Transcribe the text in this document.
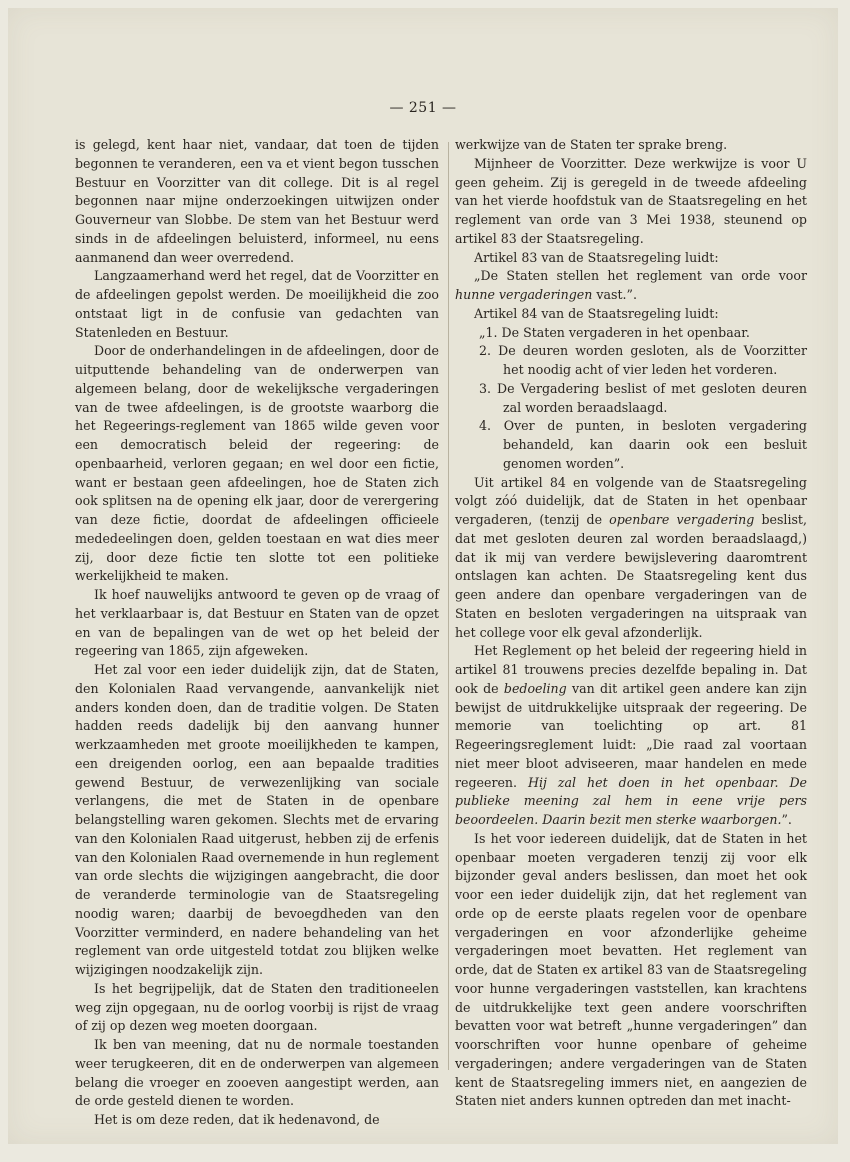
— 251 —

is gelegd, kent haar niet, vandaar, dat toen de tijden begonnen te veranderen, een va et vient begon tusschen Bestuur en Voorzitter van dit college. Dit is al regel begonnen naar mijne onderzoekingen uitwijzen onder Gouverneur van Slobbe. De stem van het Bestuur werd sinds in de afdeelingen beluisterd, informeel, nu eens aanmanend dan weer overredend.

Langzaamerhand werd het regel, dat de Voorzitter en de afdeelingen gepolst werden. De moeilijkheid die zoo ontstaat ligt in de confusie van gedachten van Statenleden en Bestuur.

Door de onderhandelingen in de afdeelingen, door de uitputtende behandeling van de onderwerpen van algemeen belang, door de wekelijksche vergaderingen van de twee afdeelingen, is de grootste waarborg die het Regeerings-reglement van 1865 wilde geven voor een democratisch beleid der regeering: de openbaarheid, verloren gegaan; en wel door een fictie, want er bestaan geen afdeelingen, hoe de Staten zich ook splitsen na de opening elk jaar, door de verergering van deze fictie, doordat de afdeelingen officieele mededeelingen doen, gelden toestaan en wat dies meer zij, door deze fictie ten slotte tot een politieke werkelijkheid te maken.

Ik hoef nauwelijks antwoord te geven op de vraag of het verklaarbaar is, dat Bestuur en Staten van de opzet en van de bepalingen van de wet op het beleid der regeering van 1865, zijn afgeweken.

Het zal voor een ieder duidelijk zijn, dat de Staten, den Kolonialen Raad vervangende, aanvankelijk niet anders konden doen, dan de traditie volgen. De Staten hadden reeds dadelijk bij den aanvang hunner werkzaamheden met groote moeilijkheden te kampen, een dreigenden oorlog, een aan bepaalde tradities gewend Bestuur, de verwezenlijking van sociale verlangens, die met de Staten in de openbare belangstelling waren gekomen. Slechts met de ervaring van den Kolonialen Raad uitgerust, hebben zij de erfenis van den Kolonialen Raad overnemende in hun reglement van orde slechts die wijzigingen aangebracht, die door de veranderde terminologie van de Staatsregeling noodig waren; daarbij de bevoegdheden van den Voorzitter verminderd, en nadere behandeling van het reglement van orde uitgesteld totdat zou blijken welke wijzigingen noodzakelijk zijn.

Is het begrijpelijk, dat de Staten den traditioneelen weg zijn opgegaan, nu de oorlog voorbij is rijst de vraag of zij op dezen weg moeten doorgaan.

Ik ben van meening, dat nu de normale toestanden weer terugkeeren, dit en de onderwerpen van algemeen belang die vroeger en zooeven aangestipt werden, aan de orde gesteld dienen te worden.

Het is om deze reden, dat ik hedenavond, de

werkwijze van de Staten ter sprake breng.

Mijnheer de Voorzitter. Deze werkwijze is voor U geen geheim. Zij is geregeld in de tweede afdeeling van het vierde hoofdstuk van de Staatsregeling en het reglement van orde van 3 Mei 1938, steunend op artikel 83 der Staatsregeling.

Artikel 83 van de Staatsregeling luidt:

„De Staten stellen het reglement van orde voor hunne vergaderingen vast.”.

Artikel 84 van de Staatsregeling luidt:

„1. De Staten vergaderen in het openbaar.

2. De deuren worden gesloten, als de Voorzitter het noodig acht of vier leden het vorderen.

3. De Vergadering beslist of met gesloten deuren zal worden beraadslaagd.

4. Over de punten, in besloten vergadering behandeld, kan daarin ook een besluit genomen worden”.

Uit artikel 84 en volgende van de Staatsregeling volgt zóó duidelijk, dat de Staten in het openbaar vergaderen, (tenzij de openbare vergadering beslist, dat met gesloten deuren zal worden beraadslaagd,) dat ik mij van verdere bewijslevering daaromtrent ontslagen kan achten. De Staatsregeling kent dus geen andere dan openbare vergaderingen van de Staten en besloten vergaderingen na uitspraak van het college voor elk geval afzonderlijk.

Het Reglement op het beleid der regeering hield in artikel 81 trouwens precies dezelfde bepaling in. Dat ook de bedoeling van dit artikel geen andere kan zijn bewijst de uitdrukkelijke uitspraak der regeering. De memorie van toelichting op art. 81 Regeeringsreglement luidt: „Die raad zal voortaan niet meer bloot adviseeren, maar handelen en mede regeeren. Hij zal het doen in het openbaar. De publieke meening zal hem in eene vrije pers beoordeelen. Daarin bezit men sterke waarborgen.”.

Is het voor iedereen duidelijk, dat de Staten in het openbaar moeten vergaderen tenzij zij voor elk bijzonder geval anders beslissen, dan moet het ook voor een ieder duidelijk zijn, dat het reglement van orde op de eerste plaats regelen voor de openbare vergaderingen en voor afzonderlijke geheime vergaderingen moet bevatten. Het reglement van orde, dat de Staten ex artikel 83 van de Staatsregeling voor hunne vergaderingen vaststellen, kan krachtens de uitdrukkelijke text geen andere voorschriften bevatten voor wat betreft „hunne vergaderingen” dan voorschriften voor hunne openbare of geheime vergaderingen; andere vergaderingen van de Staten kent de Staatsregeling immers niet, en aangezien de Staten niet anders kunnen optreden dan met inacht-
